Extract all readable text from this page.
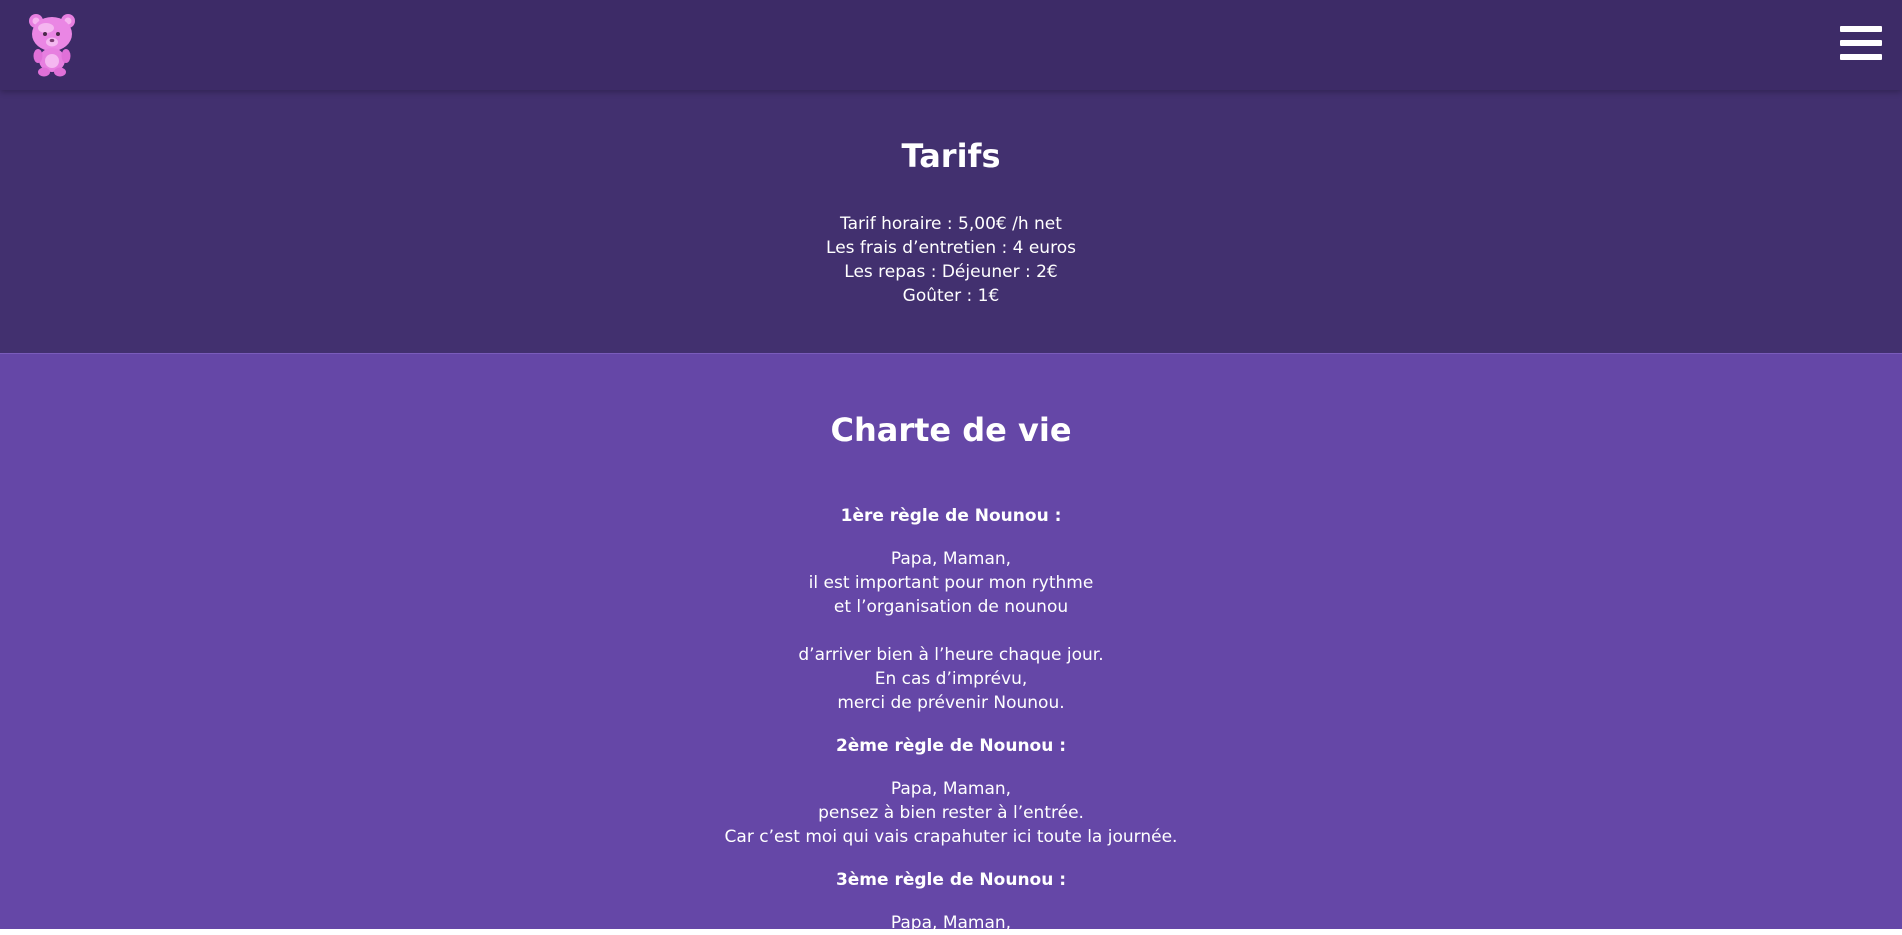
Tarifs

Tarif horaire : 5,00€ /h net

Les frais d’entretien : 4 euros

Les repas : Déjeuner : 2€

Goûter : 1€

Charte de vie

1ère règle de Nounou :

Papa, Maman,

il est important pour mon rythme

et l’organisation de nounou

d’arriver bien à l’heure chaque jour.

En cas d’imprévu,

merci de prévenir Nounou.

2ème règle de Nounou :

Papa, Maman,

pensez à bien rester à l’entrée.

Car c’est moi qui vais crapahuter ici toute la journée.

3ème règle de Nounou :

Papa, Maman,
